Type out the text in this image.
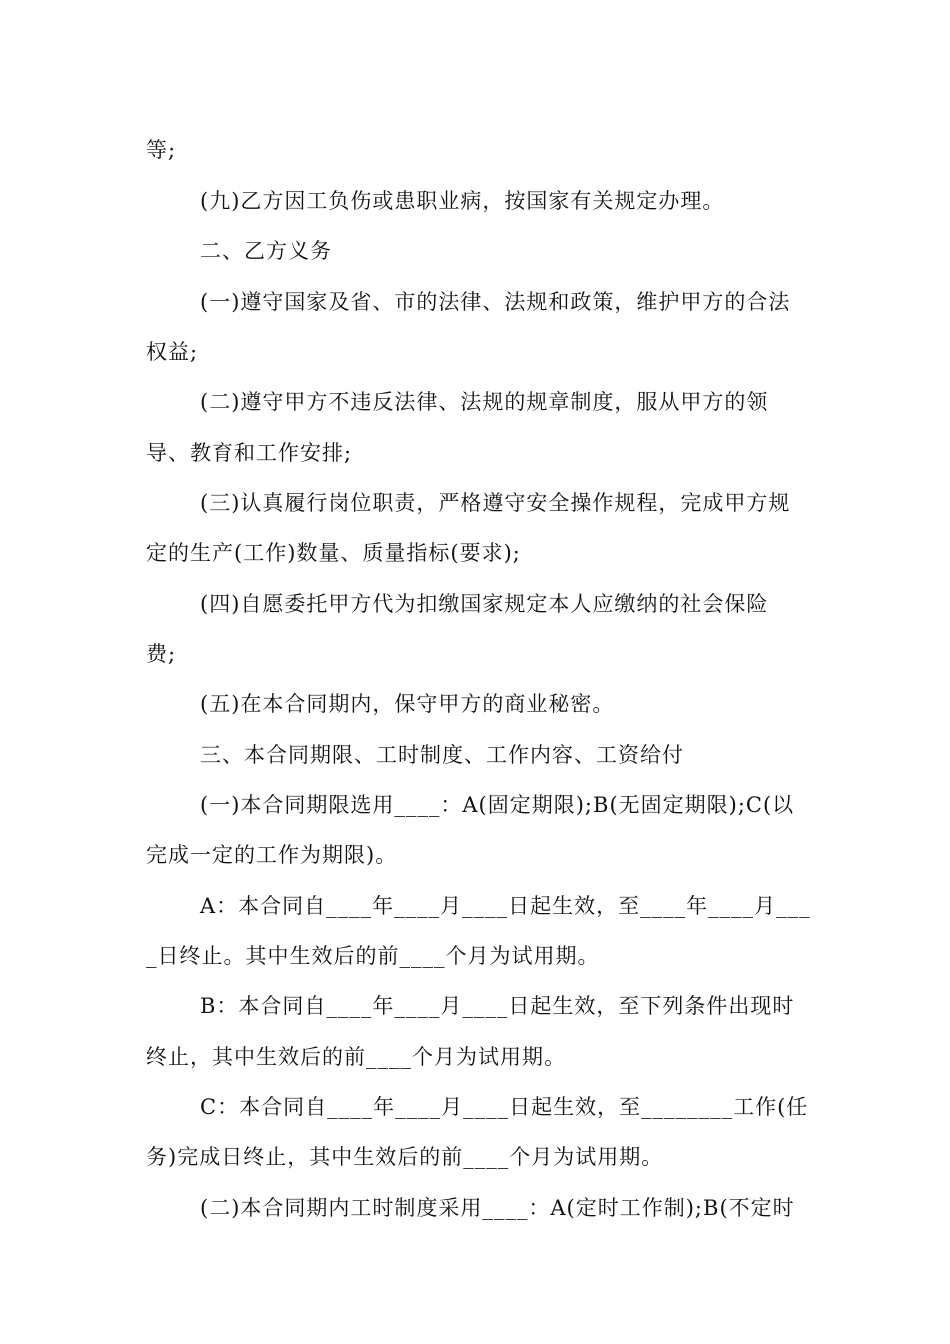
等;
(九)乙方因工负伤或患职业病，按国家有关规定办理。
二、乙方义务
(一)遵守国家及省、市的法律、法规和政策，维护甲方的合法
权益;
(二)遵守甲方不违反法律、法规的规章制度，服从甲方的领
导、教育和工作安排;
(三)认真履行岗位职责，严格遵守安全操作规程，完成甲方规
定的生产(工作)数量、质量指标(要求);
(四)自愿委托甲方代为扣缴国家规定本人应缴纳的社会保险
费;
(五)在本合同期内，保守甲方的商业秘密。
三、本合同期限、工时制度、工作内容、工资给付
(一)本合同期限选用____：A(固定期限);B(无固定期限);C(以
完成一定的工作为期限)。
A：本合同自____年____月____日起生效，至____年____月___
_日终止。其中生效后的前____个月为试用期。
B：本合同自____年____月____日起生效，至下列条件出现时
终止，其中生效后的前____个月为试用期。
C：本合同自____年____月____日起生效，至________工作(任
务)完成日终止，其中生效后的前____个月为试用期。
(二)本合同期内工时制度采用____：A(定时工作制);B(不定时
